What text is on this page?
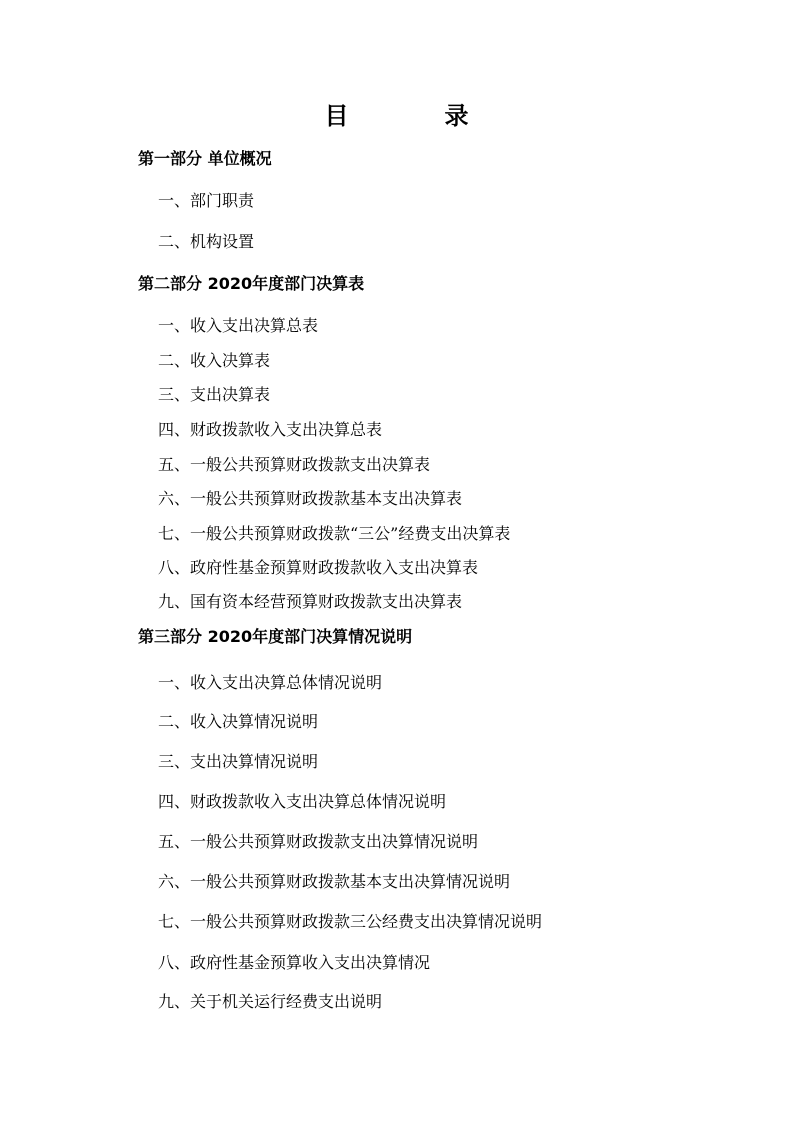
目　录
第一部分 单位概况
一、部门职责
二、机构设置
第二部分 2020年度部门决算表
一、收入支出决算总表
二、收入决算表
三、支出决算表
四、财政拨款收入支出决算总表
五、一般公共预算财政拨款支出决算表
六、一般公共预算财政拨款基本支出决算表
七、一般公共预算财政拨款“三公”经费支出决算表
八、政府性基金预算财政拨款收入支出决算表
九、国有资本经营预算财政拨款支出决算表
第三部分 2020年度部门决算情况说明
一、收入支出决算总体情况说明
二、收入决算情况说明
三、支出决算情况说明
四、财政拨款收入支出决算总体情况说明
五、一般公共预算财政拨款支出决算情况说明
六、一般公共预算财政拨款基本支出决算情况说明
七、一般公共预算财政拨款三公经费支出决算情况说明
八、政府性基金预算收入支出决算情况
九、关于机关运行经费支出说明
